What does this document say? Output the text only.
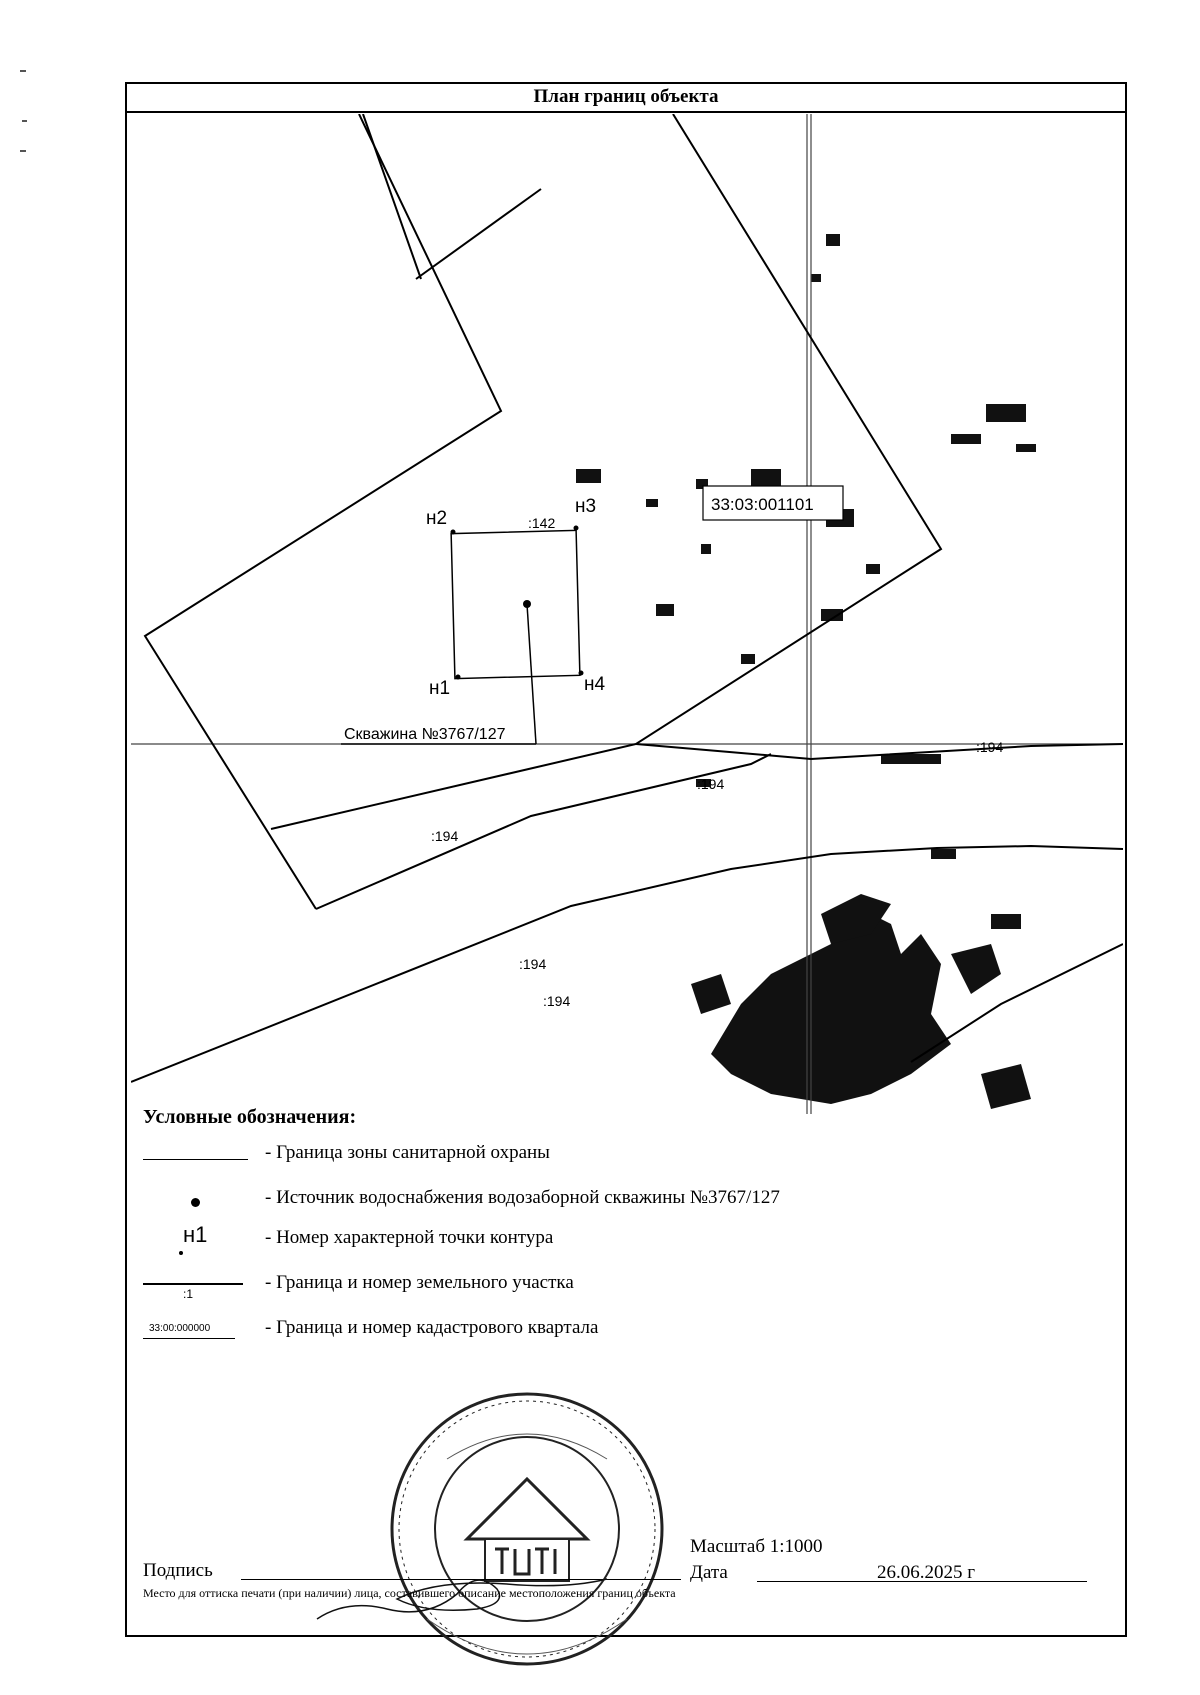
План границ объекта
33:03:001101
н2
н3
н1	н4
:142
:194
:194
:194
:194
:194
Скважина №3767/127
Условные обозначения:
- Граница зоны санитарной охраны
- Источник водоснабжения водозаборной скважины №3767/127
н1	- Номер характерной точки контура
:1
- Граница и номер земельного участка
33:00:000000	- Граница и номер кадастрового квартала
Подпись
Масштаб 1:1000
Дата	26.06.2025 г
Место для оттиска печати (при наличии) лица, составившего описание местоположения границ объекта
